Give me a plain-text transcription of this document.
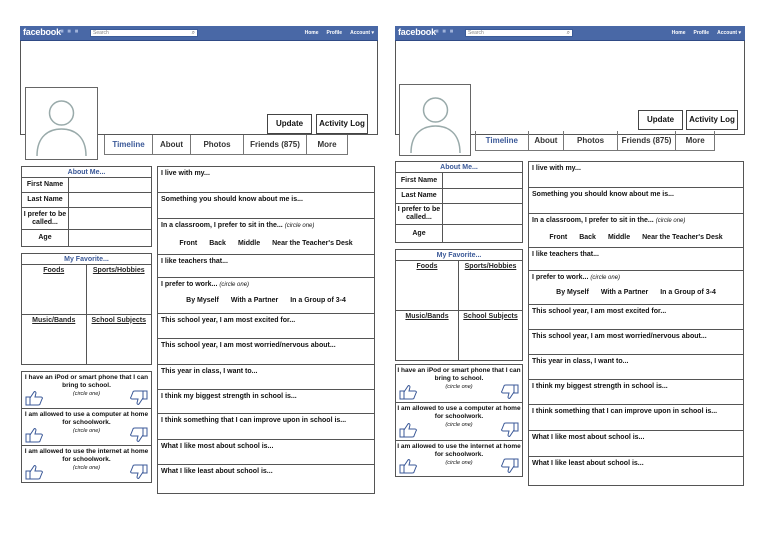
facebook ■ ■ ■	Search	⌕	Home Profile Account ▾
Update	Activity Log
Timeline	About	Photos	Friends (875)	More
About Me...
First Name
Last Name
I prefer to be called...
Age
My Favorite...
Foods	Sports/Hobbies
Music/Bands	School Subjects
I have an iPod or smart phone that I can bring to school.
(circle one)
I am allowed to use a computer at home for schoolwork.
(circle one)
I am allowed to use the internet at home for schoolwork.
(circle one)
I live with my...
Something you should know about me is...
In a classroom, I prefer to sit in the... (circle one)
Front Back Middle Near the Teacher's Desk
I like teachers that...
I prefer to work... (circle one)
By Myself With a Partner In a Group of 3-4
This school year, I am most excited for...
This school year, I am most worried/nervous about...
This year in class, I want to...
I think my biggest strength in school is...
I think something that I can improve upon in school is...
What I like most about school is...
What I like least about school is...
facebook ■ ■ ■	Search	⌕	Home Profile Account ▾
Update	Activity Log
Timeline	About	Photos	Friends (875)	More
About Me...
First Name
Last Name
I prefer to be called...
Age
My Favorite...
Foods	Sports/Hobbies
Music/Bands	School Subjects
I have an iPod or smart phone that I can bring to school.
(circle one)
I am allowed to use a computer at home for schoolwork.
(circle one)
I am allowed to use the internet at home for schoolwork.
(circle one)
I live with my...
Something you should know about me is...
In a classroom, I prefer to sit in the... (circle one)
Front Back Middle Near the Teacher's Desk
I like teachers that...
I prefer to work... (circle one)
By Myself With a Partner In a Group of 3-4
This school year, I am most excited for...
This school year, I am most worried/nervous about...
This year in class, I want to...
I think my biggest strength in school is...
I think something that I can improve upon in school is...
What I like most about school is...
What I like least about school is...
